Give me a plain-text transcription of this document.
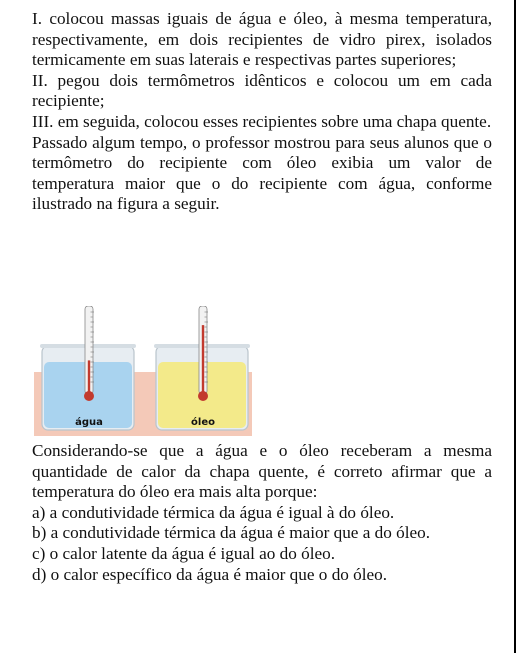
I. colocou massas iguais de água e óleo, à mesma temperatura, respectivamente, em dois recipientes de vidro pirex, isolados termicamente em suas laterais e respectivas partes superiores;

II. pegou dois termômetros idênticos e colocou um em cada recipiente;

III. em seguida, colocou esses recipientes sobre uma chapa quente.

Passado algum tempo, o professor mostrou para seus alunos que o termômetro do recipiente com óleo exibia um valor de temperatura maior que o do recipiente com água, conforme ilustrado na figura a seguir.

água	óleo

Considerando-se que a água e o óleo receberam a mesma quantidade de calor da chapa quente, é correto afirmar que a temperatura do óleo era mais alta porque:

a) a condutividade térmica da água é igual à do óleo.

b) a condutividade térmica da água é maior que a do óleo.

c) o calor latente da água é igual ao do óleo.

d) o calor específico da água é maior que o do óleo.
